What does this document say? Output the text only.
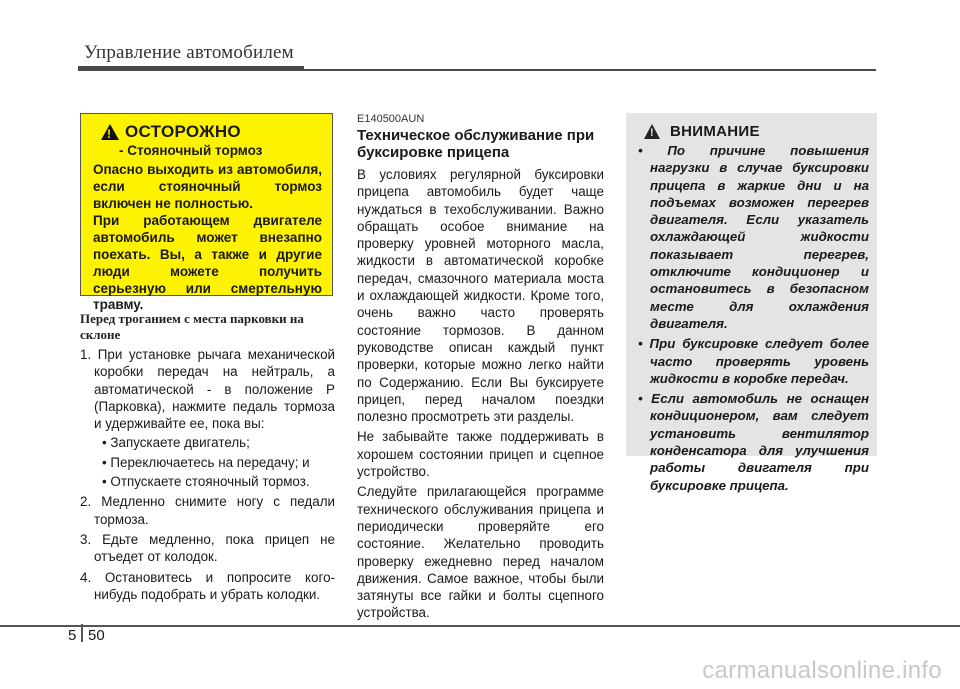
Управление автомобилем
! ОСТОРОЖНО
- Стояночный тормоз

Опасно выходить из автомобиля, если стояночный тормоз включен не полностью.

При работающем двигателе автомобиль может внезапно поехать. Вы, а также и другие люди можете получить серьезную или смертельную травму.

Перед троганием с места парковки на склоне
1. При установке рычага механической коробки передач на нейтраль, а автоматической - в положение P (Парковка), нажмите педаль тормоза и удерживайте ее, пока вы:
• Запускаете двигатель;
• Переключаетесь на передачу; и
• Отпускаете стояночный тормоз.
2. Медленно снимите ногу с педали тормоза.
3. Едьте медленно, пока прицеп не отъедет от колодок.
4. Остановитесь и попросите кого-нибудь подобрать и убрать колодки.
E140500AUN
Техническое обслуживание при буксировке прицепа

В условиях регулярной буксировки прицепа автомобиль будет чаще нуждаться в техобслуживании. Важно обращать особое внимание на проверку уровней моторного масла, жидкости в автоматической коробке передач, смазочного материала моста и охлаждающей жидкости. Кроме того, очень важно часто проверять состояние тормозов. В данном руководстве описан каждый пункт проверки, которые можно легко найти по Содержанию. Если Вы буксируете прицеп, перед началом поездки полезно просмотреть эти разделы.

Не забывайте также поддерживать в хорошем состоянии прицеп и сцепное устройство.

Следуйте прилагающейся программе технического обслуживания прицепа и периодически проверяйте его состояние. Желательно проводить проверку ежедневно перед началом движения. Самое важное, чтобы были затянуты все гайки и болты сцепного устройства.

! ВНИМАНИЕ
• По причине повышения нагрузки в случае буксировки прицепа в жаркие дни и на подъемах возможен перегрев двигателя. Если указатель охлаждающей жидкости показывает перегрев, отключите кондиционер и остановитесь в безопасном месте для охлаждения двигателя.
• При буксировке следует более часто проверять уровень жидкости в коробке передач.
• Если автомобиль не оснащен кондиционером, вам следует установить вентилятор конденсатора для улучшения работы двигателя при буксировке прицепа.
5 50
carmanualsonline.info
